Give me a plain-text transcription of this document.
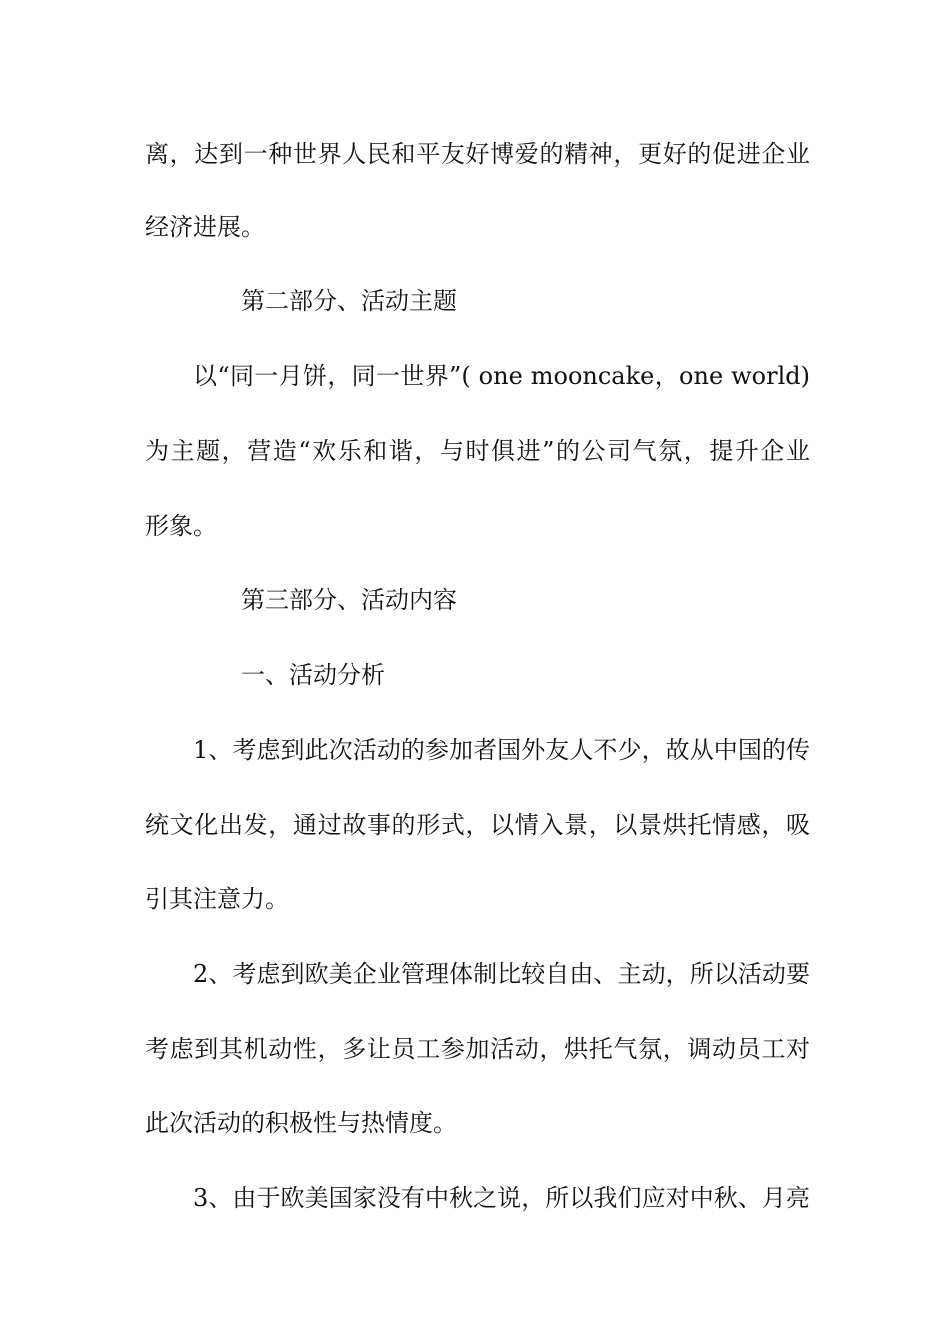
离，达到一种世界人民和平友好博爱的精神，更好的促进企业
经济进展。
第二部分、活动主题
以“同一月饼，同一世界”( one mooncake，one world)
为主题，营造“欢乐和谐，与时俱进”的公司气氛，提升企业
形象。
第三部分、活动内容
一、活动分析
1、考虑到此次活动的参加者国外友人不少，故从中国的传
统文化出发，通过故事的形式，以情入景，以景烘托情感，吸
引其注意力。
2、考虑到欧美企业管理体制比较自由、主动，所以活动要
考虑到其机动性，多让员工参加活动，烘托气氛，调动员工对
此次活动的积极性与热情度。
3、由于欧美国家没有中秋之说，所以我们应对中秋、月亮
